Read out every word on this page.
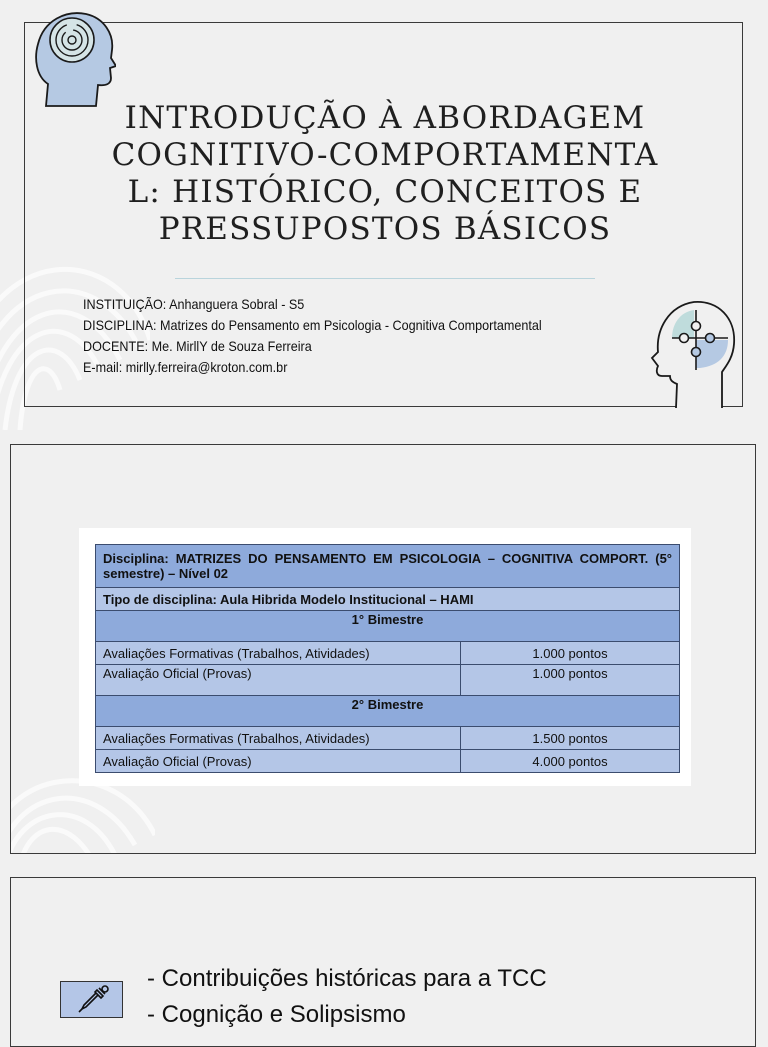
INTRODUÇÃO À ABORDAGEM
COGNITIVO-COMPORTAMENTA
L: HISTÓRICO, CONCEITOS E
PRESSUPOSTOS BÁSICOS
INSTITUIÇÃO: Anhanguera Sobral - S5
DISCIPLINA: Matrizes do Pensamento em Psicologia - Cognitiva Comportamental
DOCENTE: Me. MirllY de Souza Ferreira
E-mail: mirlly.ferreira@kroton.com.br
Disciplina: MATRIZES DO PENSAMENTO EM PSICOLOGIA – COGNITIVA COMPORT. (5° semestre) – Nível 02	
Tipo de disciplina: Aula Hibrida Modelo Institucional – HAMI	
1° Bimestre	
Avaliações Formativas (Trabalhos, Atividades)	1.000 pontos
Avaliação Oficial (Provas)	1.000 pontos
2° Bimestre	
Avaliações Formativas (Trabalhos, Atividades)	1.500 pontos
Avaliação Oficial (Provas)	4.000 pontos
- Contribuições históricas para a TCC
- Cognição e Solipsismo
